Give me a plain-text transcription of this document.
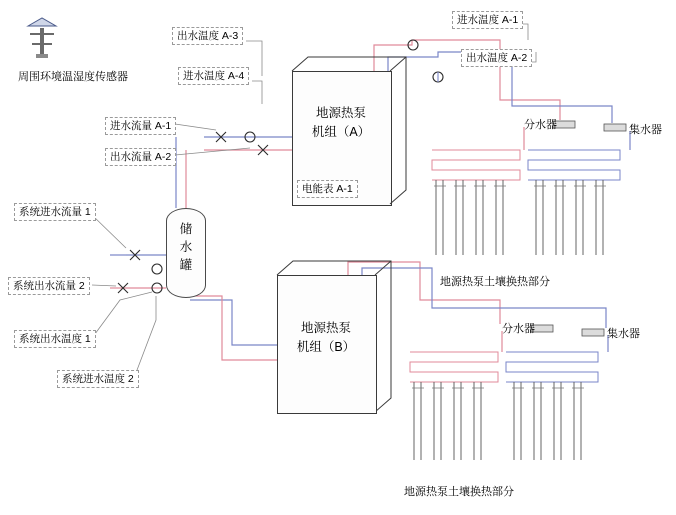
地源热泵
机组（A）
地源热泵
机组（B）
储
水
罐
出水温度 A-3
进水温度 A-4
进水流量 A-1
出水流量 A-2
系统进水流量 1
系统出水流量 2
系统出水温度 1
系统进水温度 2
进水温度 A-1
出水温度 A-2
电能表 A-1
周围环境温湿度传感器
分水器	集水器
分水器	集水器
地源热泵土壤换热部分
地源热泵土壤换热部分
